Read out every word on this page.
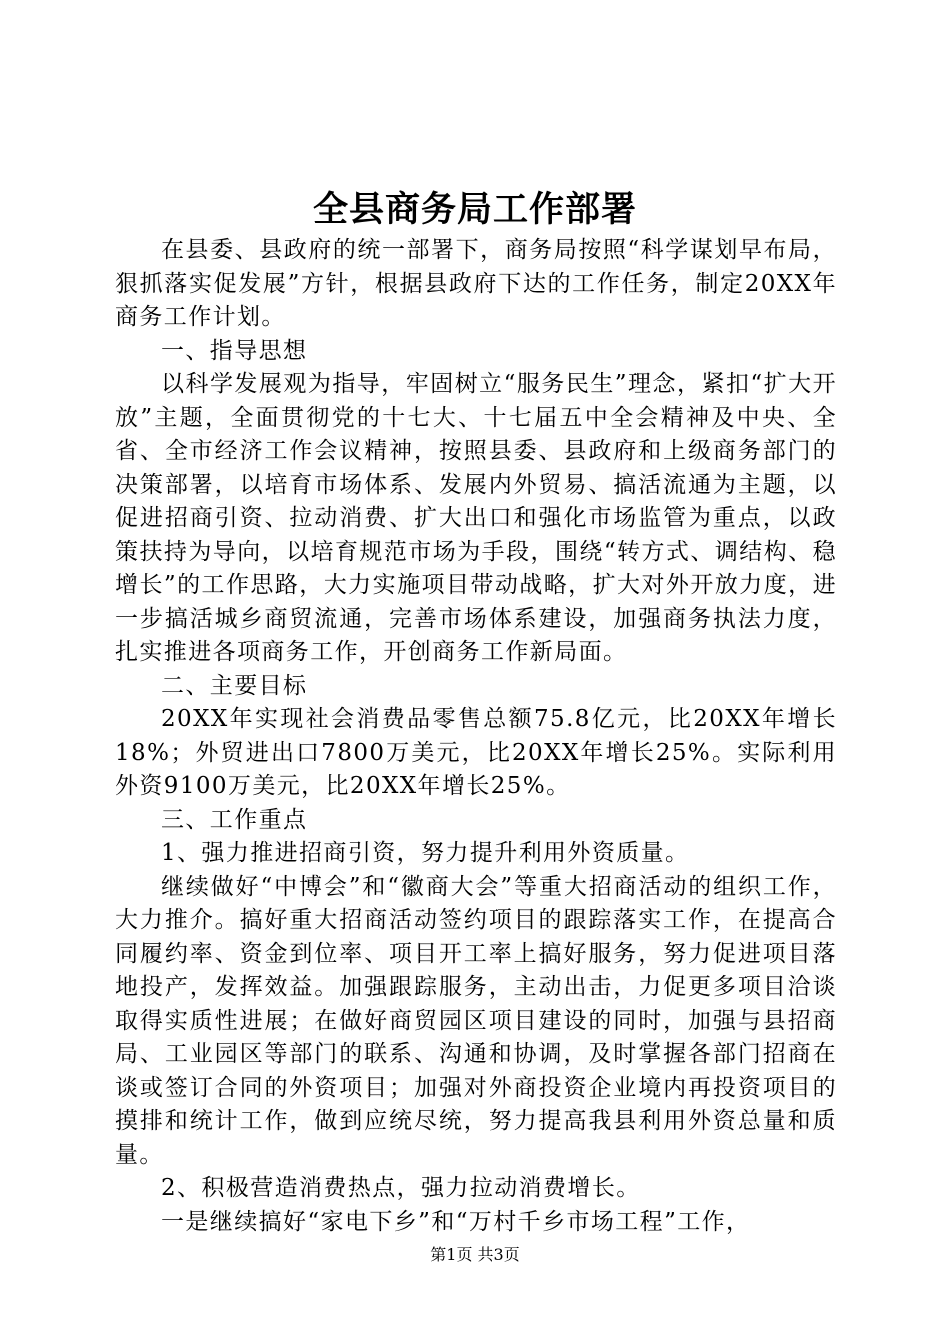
全县商务局工作部署

在县委、县政府的统一部署下，商务局按照“科学谋划早布局，狠抓落实促发展”方针，根据县政府下达的工作任务，制定20XX年商务工作计划。

一、指导思想

以科学发展观为指导，牢固树立“服务民生”理念，紧扣“扩大开放”主题，全面贯彻党的十七大、十七届五中全会精神及中央、全省、全市经济工作会议精神，按照县委、县政府和上级商务部门的决策部署，以培育市场体系、发展内外贸易、搞活流通为主题，以促进招商引资、拉动消费、扩大出口和强化市场监管为重点，以政策扶持为导向，以培育规范市场为手段，围绕“转方式、调结构、稳增长”的工作思路，大力实施项目带动战略，扩大对外开放力度，进一步搞活城乡商贸流通，完善市场体系建设，加强商务执法力度，扎实推进各项商务工作，开创商务工作新局面。

二、主要目标

20XX年实现社会消费品零售总额75.8亿元，比20XX年增长18%；外贸进出口7800万美元，比20XX年增长25%。实际利用外资9100万美元，比20XX年增长25%。

三、工作重点

1、强力推进招商引资，努力提升利用外资质量。

继续做好“中博会”和“徽商大会”等重大招商活动的组织工作，大力推介。搞好重大招商活动签约项目的跟踪落实工作，在提高合同履约率、资金到位率、项目开工率上搞好服务，努力促进项目落地投产，发挥效益。加强跟踪服务，主动出击，力促更多项目洽谈取得实质性进展；在做好商贸园区项目建设的同时，加强与县招商局、工业园区等部门的联系、沟通和协调，及时掌握各部门招商在谈或签订合同的外资项目；加强对外商投资企业境内再投资项目的摸排和统计工作，做到应统尽统，努力提高我县利用外资总量和质量。

2、积极营造消费热点，强力拉动消费增长。

一是继续搞好“家电下乡”和“万村千乡市场工程”工作，

第1页 共3页
